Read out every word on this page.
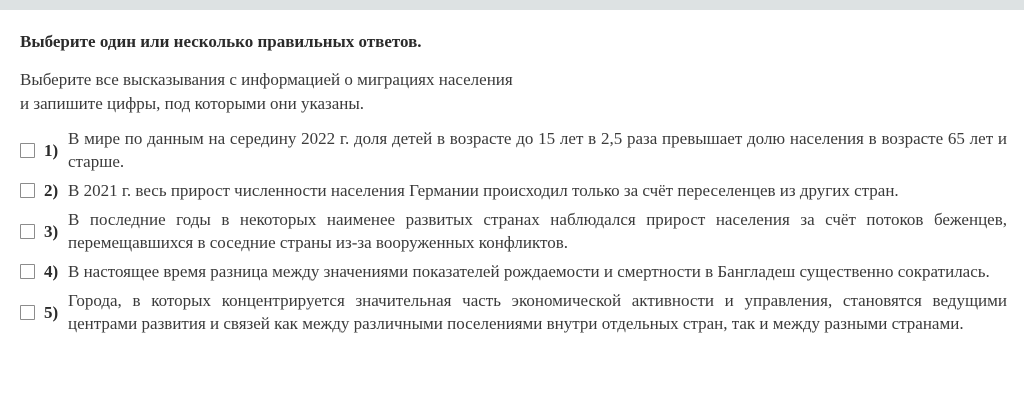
Выберите один или несколько правильных ответов.
Выберите все высказывания с информацией о миграциях населения
и запишите цифры, под которыми они указаны.
1)
В мире по данным на середину 2022 г. доля детей в возрасте до 15 лет в 2,5 раза превышает долю населения в возрасте 65 лет и старше.
2) В 2021 г. весь прирост численности населения Германии происходил только за счёт переселенцев из других стран.
3)
В последние годы в некоторых наименее развитых странах наблюдался прирост населения за счёт потоков беженцев, перемещавшихся в соседние страны из-за вооруженных конфликтов.
4) В настоящее время разница между значениями показателей рождаемости и смертности в Бангладеш существенно сократилась.
5)
Города, в которых концентрируется значительная часть экономической активности и управления, становятся ведущими центрами развития и связей как между различными поселениями внутри отдельных стран, так и между разными странами.
